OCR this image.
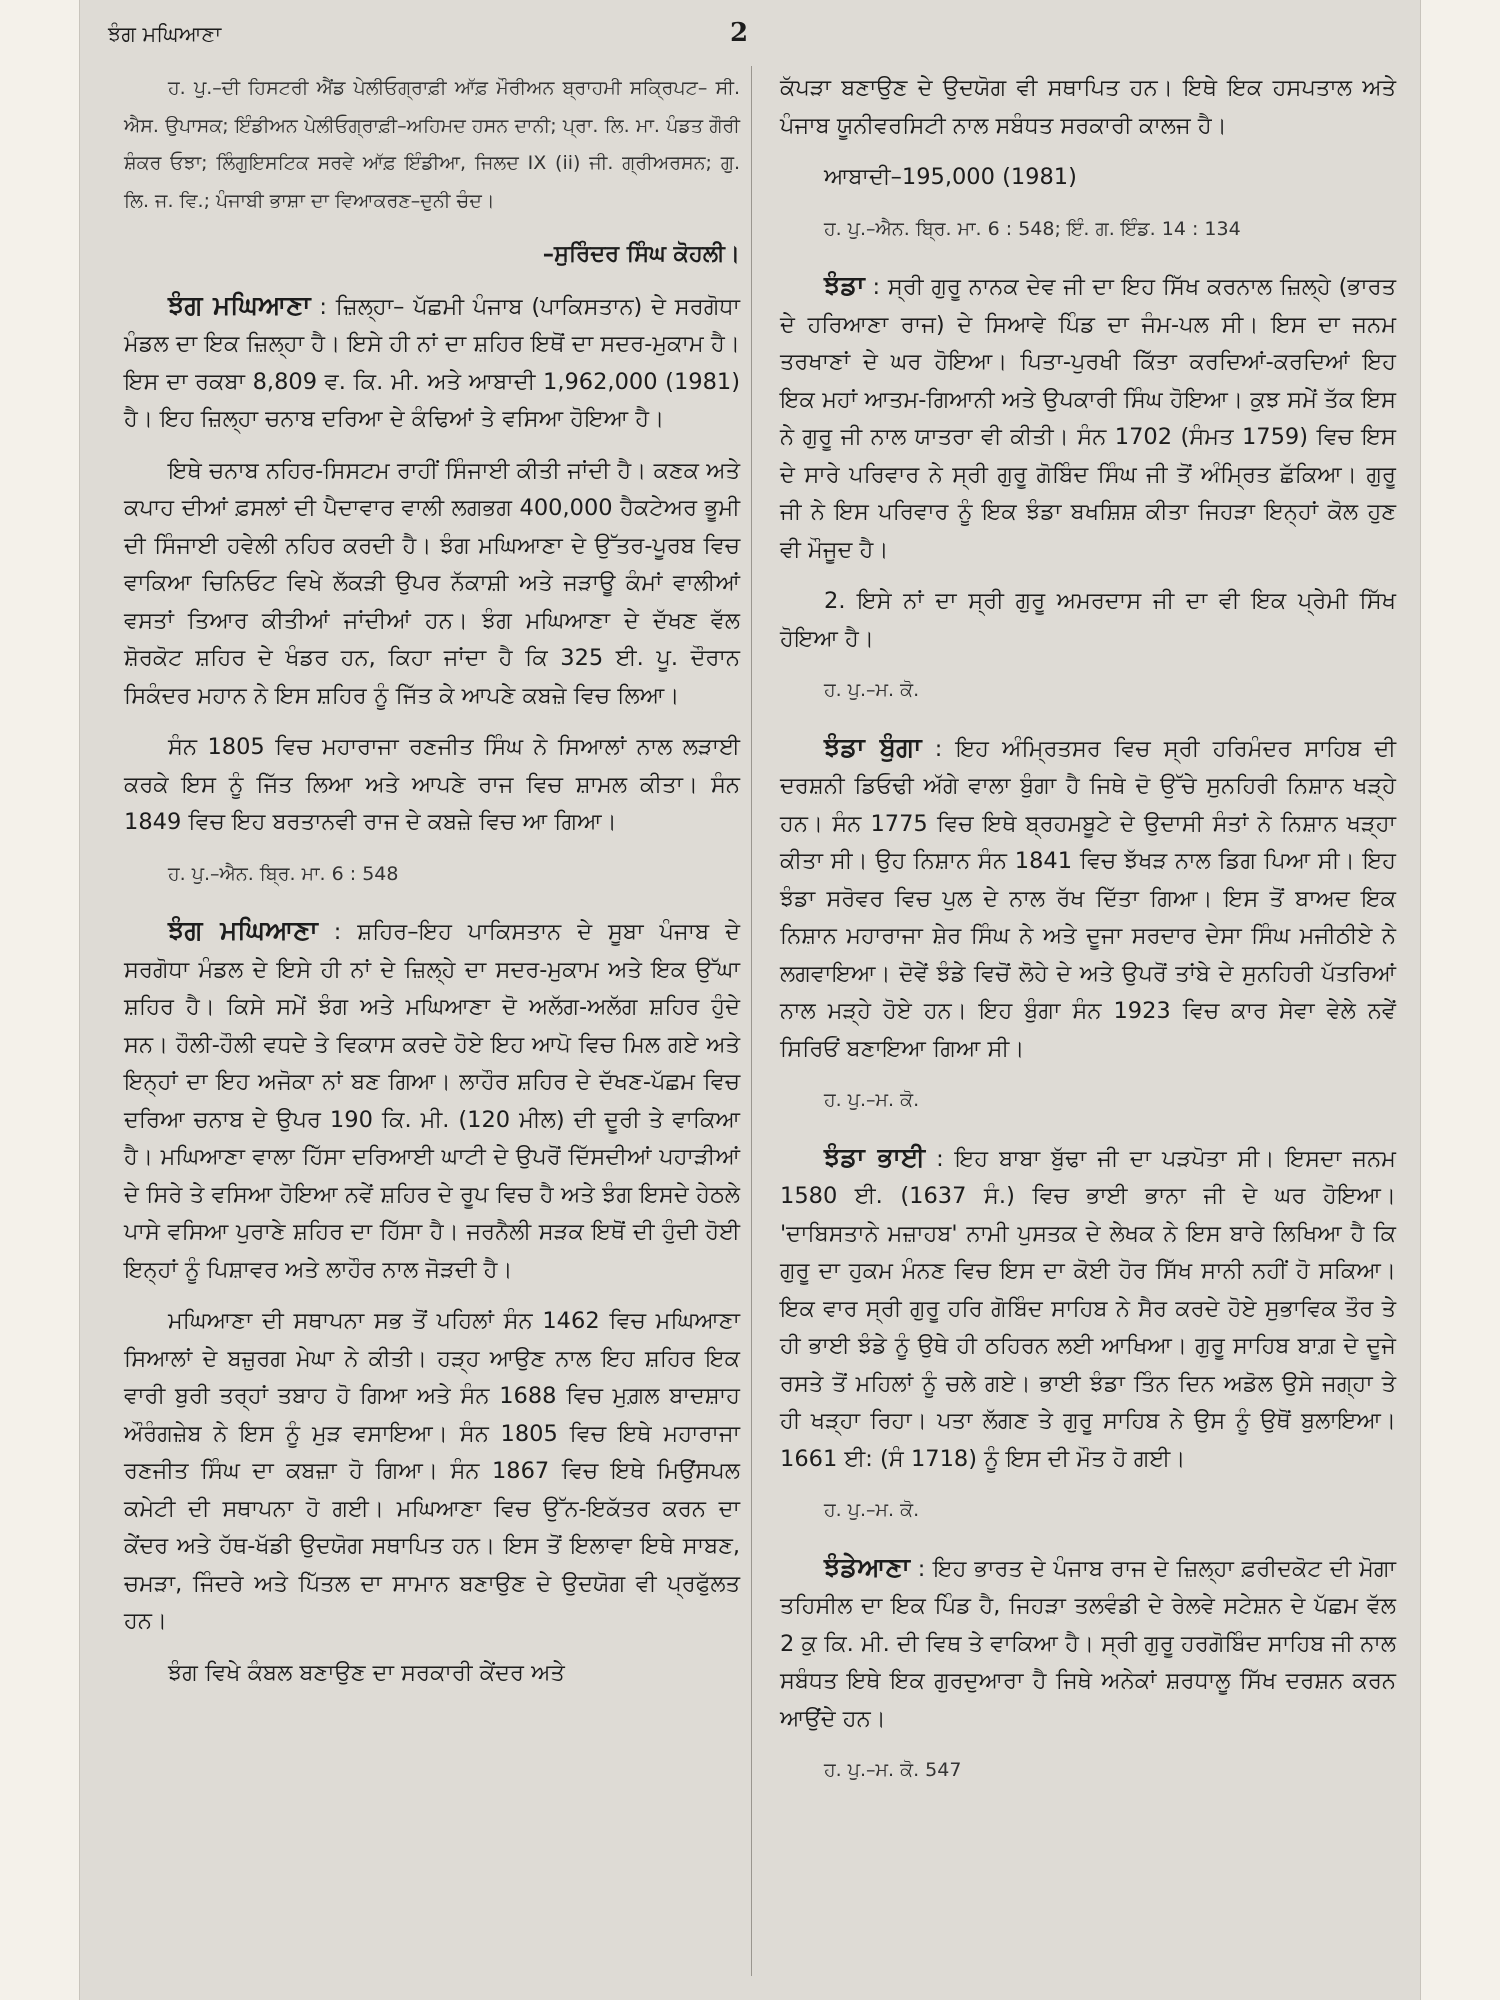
ਝੰਗ ਮਘਿਆਣਾ	2

ਹ. ਪੁ.–ਦੀ ਹਿਸਟਰੀ ਐਂਡ ਪੇਲੀਓਗ੍ਰਾਫ਼ੀ ਆੱਫ਼ ਮੌਰੀਅਨ ਬ੍ਰਾਹਮੀ ਸਕ੍ਰਿਪਟ– ਸੀ. ਐਸ. ਉਪਾਸਕ; ਇੰਡੀਅਨ ਪੇਲੀਓਗ੍ਰਾਫ਼ੀ–ਅਹਿਮਦ ਹਸਨ ਦਾਨੀ; ਪ੍ਰਾ. ਲਿ. ਮਾ. ਪੰਡਤ ਗੌਰੀ ਸ਼ੰਕਰ ਓਝਾ; ਲਿੰਗੁਇਸਟਿਕ ਸਰਵੇ ਆੱਫ਼ ਇੰਡੀਆ, ਜਿਲਦ IX (ii) ਜੀ. ਗ੍ਰੀਅਰਸਨ; ਗੁ. ਲਿ. ਜ. ਵਿ.; ਪੰਜਾਬੀ ਭਾਸ਼ਾ ਦਾ ਵਿਆਕਰਣ–ਦੁਨੀ ਚੰਦ।

–ਸੁਰਿੰਦਰ ਸਿੰਘ ਕੋਹਲੀ।

ਝੰਗ ਮਘਿਆਣਾ : ਜ਼ਿਲ੍ਹਾ– ਪੱਛਮੀ ਪੰਜਾਬ (ਪਾਕਿਸਤਾਨ) ਦੇ ਸਰਗੋਧਾ ਮੰਡਲ ਦਾ ਇਕ ਜ਼ਿਲ੍ਹਾ ਹੈ। ਇਸੇ ਹੀ ਨਾਂ ਦਾ ਸ਼ਹਿਰ ਇਥੋਂ ਦਾ ਸਦਰ-ਮੁਕਾਮ ਹੈ। ਇਸ ਦਾ ਰਕਬਾ 8,809 ਵ. ਕਿ. ਮੀ. ਅਤੇ ਆਬਾਦੀ 1,962,000 (1981) ਹੈ। ਇਹ ਜ਼ਿਲ੍ਹਾ ਚਨਾਬ ਦਰਿਆ ਦੇ ਕੰਢਿਆਂ ਤੇ ਵਸਿਆ ਹੋਇਆ ਹੈ।

ਇਥੇ ਚਨਾਬ ਨਹਿਰ-ਸਿਸਟਮ ਰਾਹੀਂ ਸਿੰਜਾਈ ਕੀਤੀ ਜਾਂਦੀ ਹੈ। ਕਣਕ ਅਤੇ ਕਪਾਹ ਦੀਆਂ ਫ਼ਸਲਾਂ ਦੀ ਪੈਦਾਵਾਰ ਵਾਲੀ ਲਗਭਗ 400,000 ਹੈਕਟੇਅਰ ਭੂਮੀ ਦੀ ਸਿੰਜਾਈ ਹਵੇਲੀ ਨਹਿਰ ਕਰਦੀ ਹੈ। ਝੰਗ ਮਘਿਆਣਾ ਦੇ ਉੱਤਰ-ਪੂਰਬ ਵਿਚ ਵਾਕਿਆ ਚਿਨਿਓਟ ਵਿਖੇ ਲੱਕੜੀ ਉਪਰ ਨੱਕਾਸ਼ੀ ਅਤੇ ਜੜਾਊ ਕੰਮਾਂ ਵਾਲੀਆਂ ਵਸਤਾਂ ਤਿਆਰ ਕੀਤੀਆਂ ਜਾਂਦੀਆਂ ਹਨ। ਝੰਗ ਮਘਿਆਣਾ ਦੇ ਦੱਖਣ ਵੱਲ ਸ਼ੋਰਕੋਟ ਸ਼ਹਿਰ ਦੇ ਖੰਡਰ ਹਨ, ਕਿਹਾ ਜਾਂਦਾ ਹੈ ਕਿ 325 ਈ. ਪੂ. ਦੌਰਾਨ ਸਿਕੰਦਰ ਮਹਾਨ ਨੇ ਇਸ ਸ਼ਹਿਰ ਨੂੰ ਜਿੱਤ ਕੇ ਆਪਣੇ ਕਬਜ਼ੇ ਵਿਚ ਲਿਆ।

ਸੰਨ 1805 ਵਿਚ ਮਹਾਰਾਜਾ ਰਣਜੀਤ ਸਿੰਘ ਨੇ ਸਿਆਲਾਂ ਨਾਲ ਲੜਾਈ ਕਰਕੇ ਇਸ ਨੂੰ ਜਿੱਤ ਲਿਆ ਅਤੇ ਆਪਣੇ ਰਾਜ ਵਿਚ ਸ਼ਾਮਲ ਕੀਤਾ। ਸੰਨ 1849 ਵਿਚ ਇਹ ਬਰਤਾਨਵੀ ਰਾਜ ਦੇ ਕਬਜ਼ੇ ਵਿਚ ਆ ਗਿਆ।

ਹ. ਪੁ.–ਐਨ. ਬ੍ਰਿ. ਮਾ. 6 : 548

ਝੰਗ ਮਘਿਆਣਾ : ਸ਼ਹਿਰ–ਇਹ ਪਾਕਿਸਤਾਨ ਦੇ ਸੂਬਾ ਪੰਜਾਬ ਦੇ ਸਰਗੋਧਾ ਮੰਡਲ ਦੇ ਇਸੇ ਹੀ ਨਾਂ ਦੇ ਜ਼ਿਲ੍ਹੇ ਦਾ ਸਦਰ-ਮੁਕਾਮ ਅਤੇ ਇਕ ਉੱਘਾ ਸ਼ਹਿਰ ਹੈ। ਕਿਸੇ ਸਮੇਂ ਝੰਗ ਅਤੇ ਮਘਿਆਣਾ ਦੋ ਅਲੱਗ-ਅਲੱਗ ਸ਼ਹਿਰ ਹੁੰਦੇ ਸਨ। ਹੌਲੀ-ਹੌਲੀ ਵਧਦੇ ਤੇ ਵਿਕਾਸ ਕਰਦੇ ਹੋਏ ਇਹ ਆਪੋ ਵਿਚ ਮਿਲ ਗਏ ਅਤੇ ਇਨ੍ਹਾਂ ਦਾ ਇਹ ਅਜੋਕਾ ਨਾਂ ਬਣ ਗਿਆ। ਲਾਹੌਰ ਸ਼ਹਿਰ ਦੇ ਦੱਖਣ-ਪੱਛਮ ਵਿਚ ਦਰਿਆ ਚਨਾਬ ਦੇ ਉਪਰ 190 ਕਿ. ਮੀ. (120 ਮੀਲ) ਦੀ ਦੂਰੀ ਤੇ ਵਾਕਿਆ ਹੈ। ਮਘਿਆਣਾ ਵਾਲਾ ਹਿੱਸਾ ਦਰਿਆਈ ਘਾਟੀ ਦੇ ਉਪਰੋਂ ਦਿੱਸਦੀਆਂ ਪਹਾੜੀਆਂ ਦੇ ਸਿਰੇ ਤੇ ਵਸਿਆ ਹੋਇਆ ਨਵੇਂ ਸ਼ਹਿਰ ਦੇ ਰੂਪ ਵਿਚ ਹੈ ਅਤੇ ਝੰਗ ਇਸਦੇ ਹੇਠਲੇ ਪਾਸੇ ਵਸਿਆ ਪੁਰਾਣੇ ਸ਼ਹਿਰ ਦਾ ਹਿੱਸਾ ਹੈ। ਜਰਨੈਲੀ ਸੜਕ ਇਥੋਂ ਦੀ ਹੁੰਦੀ ਹੋਈ ਇਨ੍ਹਾਂ ਨੂੰ ਪਿਸ਼ਾਵਰ ਅਤੇ ਲਾਹੌਰ ਨਾਲ ਜੋੜਦੀ ਹੈ।

ਮਘਿਆਣਾ ਦੀ ਸਥਾਪਨਾ ਸਭ ਤੋਂ ਪਹਿਲਾਂ ਸੰਨ 1462 ਵਿਚ ਮਘਿਆਣਾ ਸਿਆਲਾਂ ਦੇ ਬਜ਼ੁਰਗ ਮੇਘਾ ਨੇ ਕੀਤੀ। ਹੜ੍ਹ ਆਉਣ ਨਾਲ ਇਹ ਸ਼ਹਿਰ ਇਕ ਵਾਰੀ ਬੁਰੀ ਤਰ੍ਹਾਂ ਤਬਾਹ ਹੋ ਗਿਆ ਅਤੇ ਸੰਨ 1688 ਵਿਚ ਮੁਗ਼ਲ ਬਾਦਸ਼ਾਹ ਔਰੰਗਜ਼ੇਬ ਨੇ ਇਸ ਨੂੰ ਮੁੜ ਵਸਾਇਆ। ਸੰਨ 1805 ਵਿਚ ਇਥੇ ਮਹਾਰਾਜਾ ਰਣਜੀਤ ਸਿੰਘ ਦਾ ਕਬਜ਼ਾ ਹੋ ਗਿਆ। ਸੰਨ 1867 ਵਿਚ ਇਥੇ ਮਿਉਂਸਪਲ ਕਮੇਟੀ ਦੀ ਸਥਾਪਨਾ ਹੋ ਗਈ। ਮਘਿਆਣਾ ਵਿਚ ਉੱਨ-ਇਕੱਤਰ ਕਰਨ ਦਾ ਕੇਂਦਰ ਅਤੇ ਹੱਥ-ਖੱਡੀ ਉਦਯੋਗ ਸਥਾਪਿਤ ਹਨ। ਇਸ ਤੋਂ ਇਲਾਵਾ ਇਥੇ ਸਾਬਣ, ਚਮੜਾ, ਜਿੰਦਰੇ ਅਤੇ ਪਿੱਤਲ ਦਾ ਸਾਮਾਨ ਬਣਾਉਣ ਦੇ ਉਦਯੋਗ ਵੀ ਪ੍ਰਫੁੱਲਤ ਹਨ।

ਝੰਗ ਵਿਖੇ ਕੰਬਲ ਬਣਾਉਣ ਦਾ ਸਰਕਾਰੀ ਕੇਂਦਰ ਅਤੇ

ਕੱਪੜਾ ਬਣਾਉਣ ਦੇ ਉਦਯੋਗ ਵੀ ਸਥਾਪਿਤ ਹਨ। ਇਥੇ ਇਕ ਹਸਪਤਾਲ ਅਤੇ ਪੰਜਾਬ ਯੂਨੀਵਰਸਿਟੀ ਨਾਲ ਸਬੰਧਤ ਸਰਕਾਰੀ ਕਾਲਜ ਹੈ।

ਆਬਾਦੀ–195,000 (1981)

ਹ. ਪੁ.–ਐਨ. ਬ੍ਰਿ. ਮਾ. 6 : 548; ਇੰ. ਗ. ਇੰਡ. 14 : 134

ਝੰਡਾ : ਸ੍ਰੀ ਗੁਰੂ ਨਾਨਕ ਦੇਵ ਜੀ ਦਾ ਇਹ ਸਿੱਖ ਕਰਨਾਲ ਜ਼ਿਲ੍ਹੇ (ਭਾਰਤ ਦੇ ਹਰਿਆਣਾ ਰਾਜ) ਦੇ ਸਿਆਵੇ ਪਿੰਡ ਦਾ ਜੰਮ-ਪਲ ਸੀ। ਇਸ ਦਾ ਜਨਮ ਤਰਖਾਣਾਂ ਦੇ ਘਰ ਹੋਇਆ। ਪਿਤਾ-ਪੁਰਖੀ ਕਿੱਤਾ ਕਰਦਿਆਂ-ਕਰਦਿਆਂ ਇਹ ਇਕ ਮਹਾਂ ਆਤਮ-ਗਿਆਨੀ ਅਤੇ ਉਪਕਾਰੀ ਸਿੰਘ ਹੋਇਆ। ਕੁਝ ਸਮੇਂ ਤੱਕ ਇਸ ਨੇ ਗੁਰੂ ਜੀ ਨਾਲ ਯਾਤਰਾ ਵੀ ਕੀਤੀ। ਸੰਨ 1702 (ਸੰਮਤ 1759) ਵਿਚ ਇਸ ਦੇ ਸਾਰੇ ਪਰਿਵਾਰ ਨੇ ਸ੍ਰੀ ਗੁਰੂ ਗੋਬਿੰਦ ਸਿੰਘ ਜੀ ਤੋਂ ਅੰਮ੍ਰਿਤ ਛੱਕਿਆ। ਗੁਰੂ ਜੀ ਨੇ ਇਸ ਪਰਿਵਾਰ ਨੂੰ ਇਕ ਝੰਡਾ ਬਖਸ਼ਿਸ਼ ਕੀਤਾ ਜਿਹੜਾ ਇਨ੍ਹਾਂ ਕੋਲ ਹੁਣ ਵੀ ਮੌਜੂਦ ਹੈ।

2. ਇਸੇ ਨਾਂ ਦਾ ਸ੍ਰੀ ਗੁਰੂ ਅਮਰਦਾਸ ਜੀ ਦਾ ਵੀ ਇਕ ਪ੍ਰੇਮੀ ਸਿੱਖ ਹੋਇਆ ਹੈ।

ਹ. ਪੁ.–ਮ. ਕੋ.

ਝੰਡਾ ਬੁੰਗਾ : ਇਹ ਅੰਮ੍ਰਿਤਸਰ ਵਿਚ ਸ੍ਰੀ ਹਰਿਮੰਦਰ ਸਾਹਿਬ ਦੀ ਦਰਸ਼ਨੀ ਡਿਓਢੀ ਅੱਗੇ ਵਾਲਾ ਬੁੰਗਾ ਹੈ ਜਿਥੇ ਦੋ ਉੱਚੇ ਸੁਨਹਿਰੀ ਨਿਸ਼ਾਨ ਖੜ੍ਹੇ ਹਨ। ਸੰਨ 1775 ਵਿਚ ਇਥੇ ਬ੍ਰਹਮਬੂਟੇ ਦੇ ਉਦਾਸੀ ਸੰਤਾਂ ਨੇ ਨਿਸ਼ਾਨ ਖੜ੍ਹਾ ਕੀਤਾ ਸੀ। ਉਹ ਨਿਸ਼ਾਨ ਸੰਨ 1841 ਵਿਚ ਝੱਖੜ ਨਾਲ ਡਿਗ ਪਿਆ ਸੀ। ਇਹ ਝੰਡਾ ਸਰੋਵਰ ਵਿਚ ਪੁਲ ਦੇ ਨਾਲ ਰੱਖ ਦਿੱਤਾ ਗਿਆ। ਇਸ ਤੋਂ ਬਾਅਦ ਇਕ ਨਿਸ਼ਾਨ ਮਹਾਰਾਜਾ ਸ਼ੇਰ ਸਿੰਘ ਨੇ ਅਤੇ ਦੂਜਾ ਸਰਦਾਰ ਦੇਸਾ ਸਿੰਘ ਮਜੀਠੀਏ ਨੇ ਲਗਵਾਇਆ। ਦੋਵੇਂ ਝੰਡੇ ਵਿਚੋਂ ਲੋਹੇ ਦੇ ਅਤੇ ਉਪਰੋਂ ਤਾਂਬੇ ਦੇ ਸੁਨਹਿਰੀ ਪੱਤਰਿਆਂ ਨਾਲ ਮੜ੍ਹੇ ਹੋਏ ਹਨ। ਇਹ ਬੁੰਗਾ ਸੰਨ 1923 ਵਿਚ ਕਾਰ ਸੇਵਾ ਵੇਲੇ ਨਵੇਂ ਸਿਰਿਓਂ ਬਣਾਇਆ ਗਿਆ ਸੀ।

ਹ. ਪੁ.–ਮ. ਕੋ.

ਝੰਡਾ ਭਾਈ : ਇਹ ਬਾਬਾ ਬੁੱਢਾ ਜੀ ਦਾ ਪੜਪੋਤਾ ਸੀ। ਇਸਦਾ ਜਨਮ 1580 ਈ. (1637 ਸੰ.) ਵਿਚ ਭਾਈ ਭਾਨਾ ਜੀ ਦੇ ਘਰ ਹੋਇਆ। 'ਦਾਬਿਸਤਾਨੇ ਮਜ਼ਾਹਬ' ਨਾਮੀ ਪੁਸਤਕ ਦੇ ਲੇਖਕ ਨੇ ਇਸ ਬਾਰੇ ਲਿਖਿਆ ਹੈ ਕਿ ਗੁਰੂ ਦਾ ਹੁਕਮ ਮੰਨਣ ਵਿਚ ਇਸ ਦਾ ਕੋਈ ਹੋਰ ਸਿੱਖ ਸਾਨੀ ਨਹੀਂ ਹੋ ਸਕਿਆ। ਇਕ ਵਾਰ ਸ੍ਰੀ ਗੁਰੂ ਹਰਿ ਗੋਬਿੰਦ ਸਾਹਿਬ ਨੇ ਸੈਰ ਕਰਦੇ ਹੋਏ ਸੁਭਾਵਿਕ ਤੌਰ ਤੇ ਹੀ ਭਾਈ ਝੰਡੇ ਨੂੰ ਉਥੇ ਹੀ ਠਹਿਰਨ ਲਈ ਆਖਿਆ। ਗੁਰੂ ਸਾਹਿਬ ਬਾਗ਼ ਦੇ ਦੂਜੇ ਰਸਤੇ ਤੋਂ ਮਹਿਲਾਂ ਨੂੰ ਚਲੇ ਗਏ। ਭਾਈ ਝੰਡਾ ਤਿੰਨ ਦਿਨ ਅਡੋਲ ਉਸੇ ਜਗ੍ਹਾ ਤੇ ਹੀ ਖੜ੍ਹਾ ਰਿਹਾ। ਪਤਾ ਲੱਗਣ ਤੇ ਗੁਰੂ ਸਾਹਿਬ ਨੇ ਉਸ ਨੂੰ ਉਥੋਂ ਬੁਲਾਇਆ। 1661 ਈ: (ਸੰ 1718) ਨੂੰ ਇਸ ਦੀ ਮੌਤ ਹੋ ਗਈ।

ਹ. ਪੁ.–ਮ. ਕੋ.

ਝੰਡੇਆਣਾ : ਇਹ ਭਾਰਤ ਦੇ ਪੰਜਾਬ ਰਾਜ ਦੇ ਜ਼ਿਲ੍ਹਾ ਫ਼ਰੀਦਕੋਟ ਦੀ ਮੋਗਾ ਤਹਿਸੀਲ ਦਾ ਇਕ ਪਿੰਡ ਹੈ, ਜਿਹੜਾ ਤਲਵੰਡੀ ਦੇ ਰੇਲਵੇ ਸਟੇਸ਼ਨ ਦੇ ਪੱਛਮ ਵੱਲ 2 ਕੁ ਕਿ. ਮੀ. ਦੀ ਵਿਥ ਤੇ ਵਾਕਿਆ ਹੈ। ਸ੍ਰੀ ਗੁਰੂ ਹਰਗੋਬਿੰਦ ਸਾਹਿਬ ਜੀ ਨਾਲ ਸਬੰਧਤ ਇਥੇ ਇਕ ਗੁਰਦੁਆਰਾ ਹੈ ਜਿਥੇ ਅਨੇਕਾਂ ਸ਼ਰਧਾਲੂ ਸਿੱਖ ਦਰਸ਼ਨ ਕਰਨ ਆਉਂਦੇ ਹਨ।

ਹ. ਪੁ.–ਮ. ਕੋ. 547
